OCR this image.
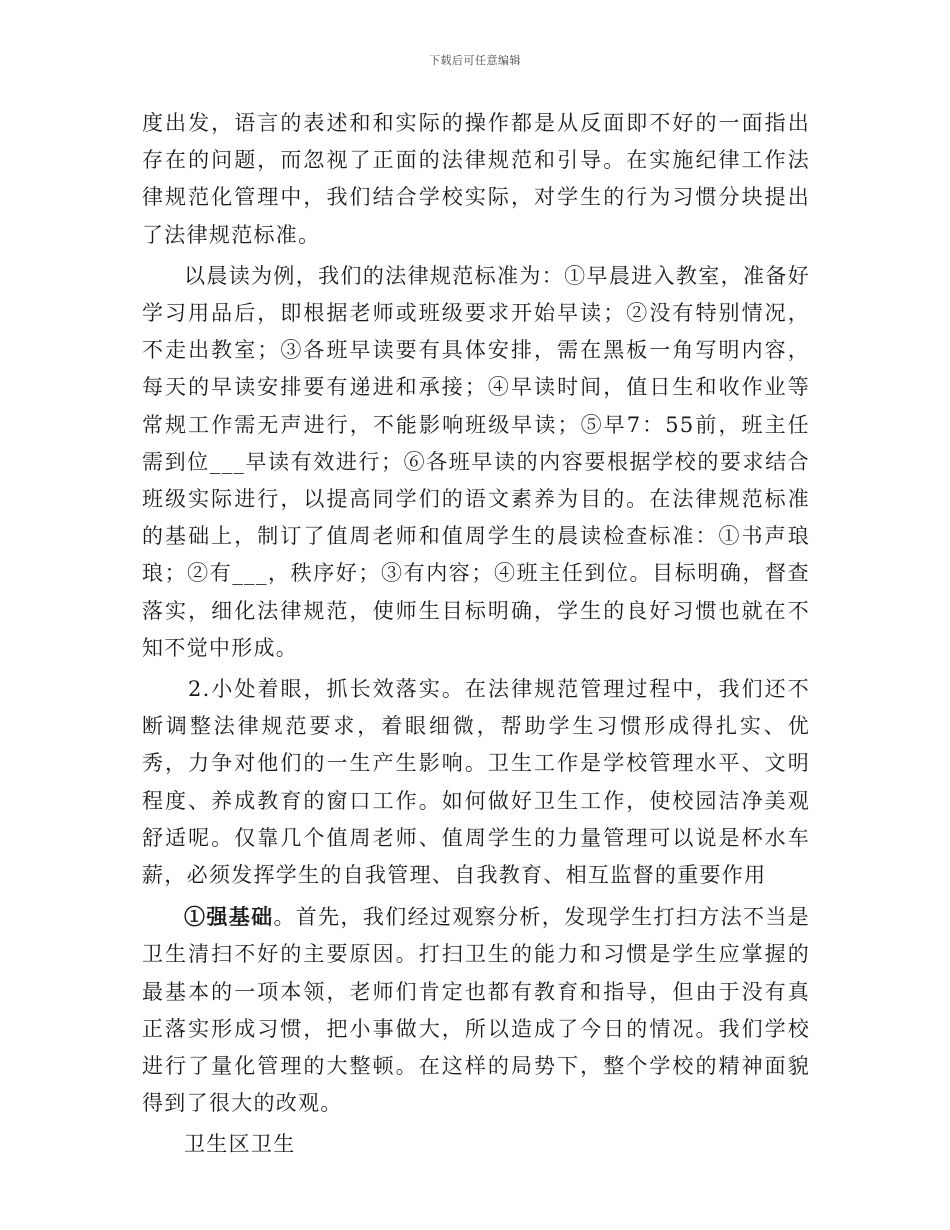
下载后可任意编辑

度出发，语言的表述和和实际的操作都是从反面即不好的一面指出存在的问题，而忽视了正面的法律规范和引导。在实施纪律工作法律规范化管理中，我们结合学校实际，对学生的行为习惯分块提出了法律规范标准。

以晨读为例，我们的法律规范标准为：①早晨进入教室，准备好学习用品后，即根据老师或班级要求开始早读；②没有特别情况，不走出教室；③各班早读要有具体安排，需在黑板一角写明内容，每天的早读安排要有递进和承接；④早读时间，值日生和收作业等常规工作需无声进行，不能影响班级早读；⑤早7：55前，班主任需到位___早读有效进行；⑥各班早读的内容要根据学校的要求结合班级实际进行，以提高同学们的语文素养为目的。在法律规范标准的基础上，制订了值周老师和值周学生的晨读检查标准：①书声琅琅；②有___，秩序好；③有内容；④班主任到位。目标明确，督查落实，细化法律规范，使师生目标明确，学生的良好习惯也就在不知不觉中形成。

2.小处着眼，抓长效落实。在法律规范管理过程中，我们还不断调整法律规范要求，着眼细微，帮助学生习惯形成得扎实、优秀，力争对他们的一生产生影响。卫生工作是学校管理水平、文明程度、养成教育的窗口工作。如何做好卫生工作，使校园洁净美观舒适呢。仅靠几个值周老师、值周学生的力量管理可以说是杯水车薪，必须发挥学生的自我管理、自我教育、相互监督的重要作用

①强基础。首先，我们经过观察分析，发现学生打扫方法不当是卫生清扫不好的主要原因。打扫卫生的能力和习惯是学生应掌握的最基本的一项本领，老师们肯定也都有教育和指导，但由于没有真正落实形成习惯，把小事做大，所以造成了今日的情况。我们学校进行了量化管理的大整顿。在这样的局势下，整个学校的精神面貌得到了很大的改观。

卫生区卫生
